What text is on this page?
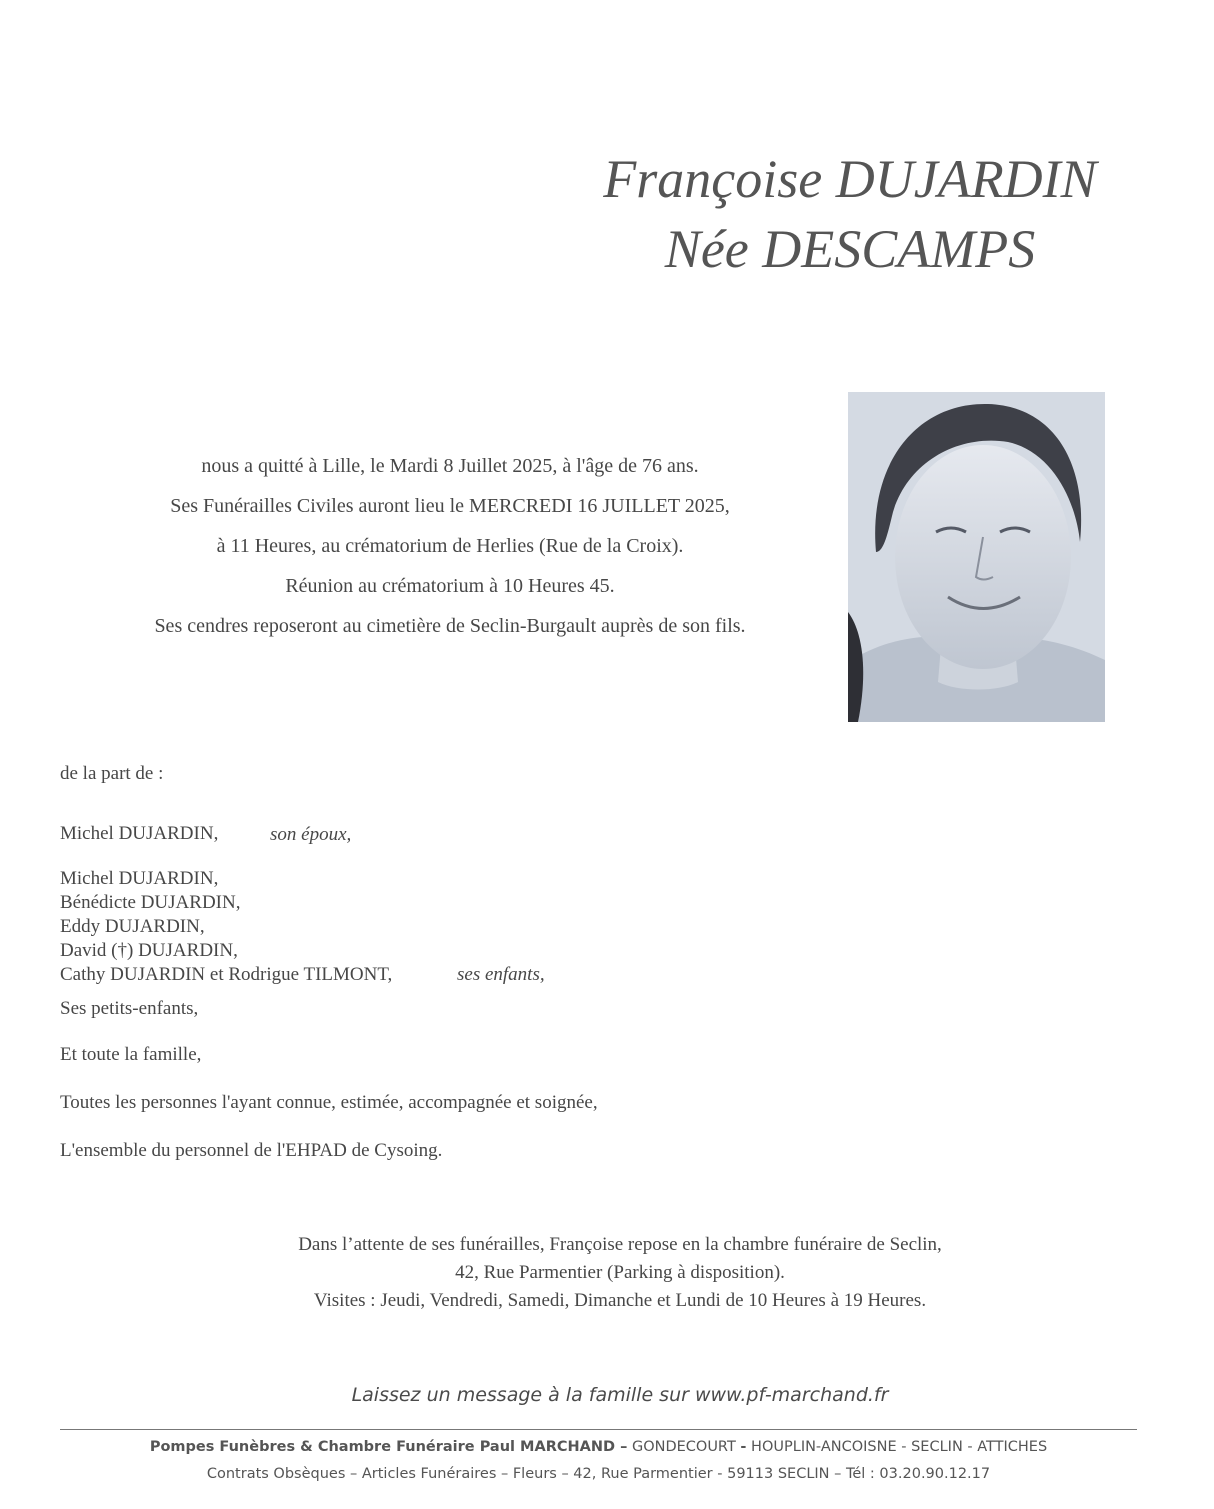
Françoise DUJARDIN
Née DESCAMPS

nous a quitté à Lille, le Mardi 8 Juillet 2025, à l'âge de 76 ans.

Ses Funérailles Civiles auront lieu le MERCREDI 16 JUILLET 2025,

à 11 Heures, au crématorium de Herlies (Rue de la Croix).

Réunion au crématorium à 10 Heures 45.

Ses cendres reposeront au cimetière de Seclin-Burgault auprès de son fils.

de la part de :
Michel DUJARDIN,	son époux,
Michel DUJARDIN,
Bénédicte DUJARDIN,
Eddy DUJARDIN,
David (†) DUJARDIN,
Cathy DUJARDIN et Rodrigue TILMONT,	ses enfants,
Ses petits-enfants,
Et toute la famille,
Toutes les personnes l'ayant connue, estimée, accompagnée et soignée,
L'ensemble du personnel de l'EHPAD de Cysoing.

Dans l’attente de ses funérailles, Françoise repose en la chambre funéraire de Seclin,

42, Rue Parmentier (Parking à disposition).

Visites : Jeudi, Vendredi, Samedi, Dimanche et Lundi de 10 Heures à 19 Heures.

Laissez un message à la famille sur www.pf-marchand.fr
Pompes Funèbres & Chambre Funéraire Paul MARCHAND – GONDECOURT - HOUPLIN-ANCOISNE - SECLIN - ATTICHES
Contrats Obsèques – Articles Funéraires – Fleurs – 42, Rue Parmentier - 59113 SECLIN – Tél : 03.20.90.12.17
